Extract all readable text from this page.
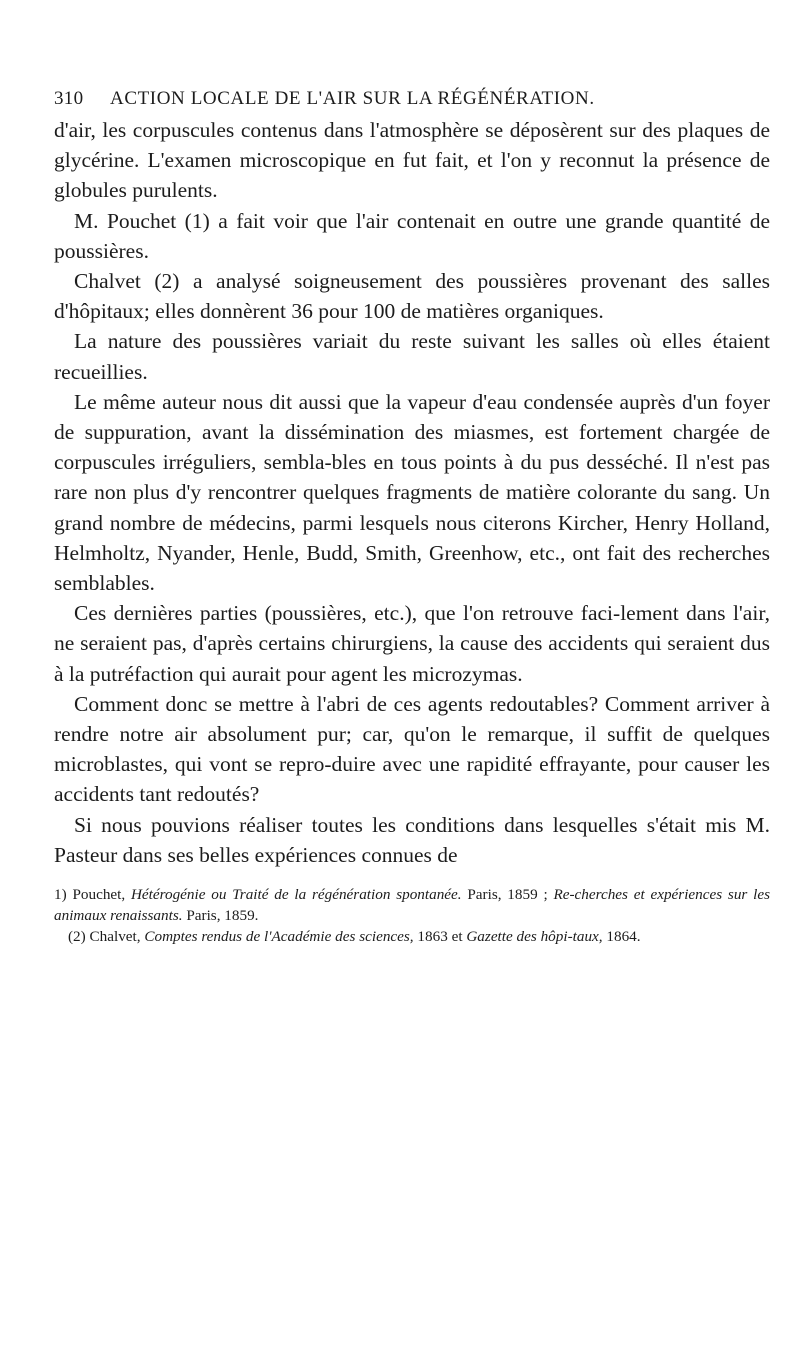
310 ACTION LOCALE DE L'AIR SUR LA RÉGÉNÉRATION.

d'air, les corpuscules contenus dans l'atmosphère se déposèrent sur des plaques de glycérine. L'examen microscopique en fut fait, et l'on y reconnut la présence de globules purulents.

M. Pouchet (1) a fait voir que l'air contenait en outre une grande quantité de poussières.

Chalvet (2) a analysé soigneusement des poussières provenant des salles d'hôpitaux; elles donnèrent 36 pour 100 de matières organiques.

La nature des poussières variait du reste suivant les salles où elles étaient recueillies.

Le même auteur nous dit aussi que la vapeur d'eau condensée auprès d'un foyer de suppuration, avant la dissémination des miasmes, est fortement chargée de corpuscules irréguliers, sembla-bles en tous points à du pus desséché. Il n'est pas rare non plus d'y rencontrer quelques fragments de matière colorante du sang. Un grand nombre de médecins, parmi lesquels nous citerons Kircher, Henry Holland, Helmholtz, Nyander, Henle, Budd, Smith, Greenhow, etc., ont fait des recherches semblables.

Ces dernières parties (poussières, etc.), que l'on retrouve faci-lement dans l'air, ne seraient pas, d'après certains chirurgiens, la cause des accidents qui seraient dus à la putréfaction qui aurait pour agent les microzymas.

Comment donc se mettre à l'abri de ces agents redoutables? Comment arriver à rendre notre air absolument pur; car, qu'on le remarque, il suffit de quelques microblastes, qui vont se repro-duire avec une rapidité effrayante, pour causer les accidents tant redoutés?

Si nous pouvions réaliser toutes les conditions dans lesquelles s'était mis M. Pasteur dans ses belles expériences connues de

1) Pouchet, Hétérogénie ou Traité de la régénération spontanée. Paris, 1859 ; Re-cherches et expériences sur les animaux renaissants. Paris, 1859.

(2) Chalvet, Comptes rendus de l'Académie des sciences, 1863 et Gazette des hôpi-taux, 1864.
